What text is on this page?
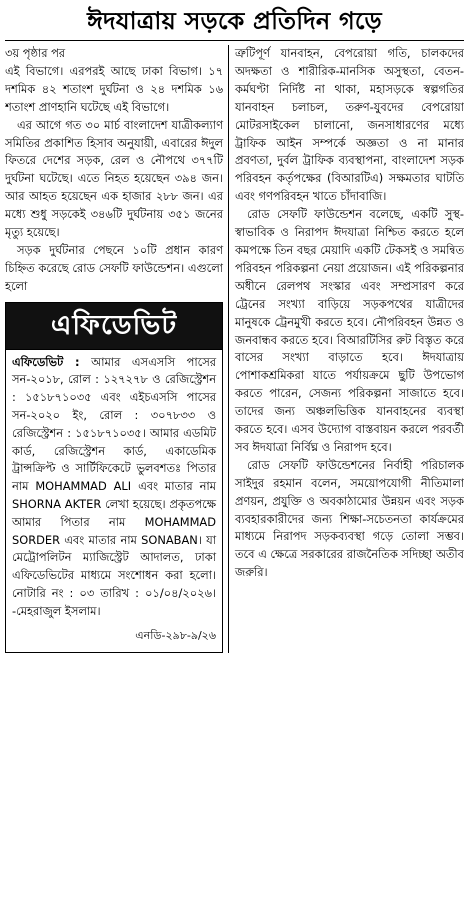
ঈদযাত্রায় সড়কে প্রতিদিন গড়ে

৩য় পৃষ্ঠার পর

এই বিভাগে। এরপরই আছে ঢাকা বিভাগ। ১৭ দশমিক ৪২ শতাংশ দুর্ঘটনা ও ২৪ দশমিক ১৬ শতাংশ প্রাণহানি ঘটেছে এই বিভাগে।

এর আগে গত ৩০ মার্চ বাংলাদেশ যাত্রীকল্যাণ সমিতির প্রকাশিত হিসাব অনুযায়ী, এবারের ঈদুল ফিতরে দেশের সড়ক, রেল ও নৌপথে ৩৭৭টি দুর্ঘটনা ঘটেছে। এতে নিহত হয়েছেন ৩৯৪ জন। আর আহত হয়েছেন এক হাজার ২৮৮ জন। এর মধ্যে শুধু সড়কেই ৩৪৬টি দুর্ঘটনায় ৩৫১ জনের মৃত্যু হয়েছে।

সড়ক দুর্ঘটনার পেছনে ১০টি প্রধান কারণ চিহ্নিত করেছে রোড সেফটি ফাউন্ডেশন। এগুলো হলো

এফিডেভিট

এফিডেভিট : আমার এসএসসি পাসের সন-২০১৮, রোল : ১২৭২৭৮ ও রেজিস্ট্রেশন : ১৫১৮৭১০৩৫ এবং এইচএসসি পাসের সন-২০২০ ইং, রোল : ৩০৭৮৩৩ ও রেজিস্ট্রেশন : ১৫১৮৭১০৩৫। আমার এডমিট কার্ড, রেজিস্ট্রেশন কার্ড, একাডেমিক ট্রান্সক্রিপ্ট ও সার্টিফিকেটে ভুলবশতঃ পিতার নাম MOHAMMAD ALI এবং মাতার নাম SHORNA AKTER লেখা হয়েছে। প্রকৃতপক্ষে আমার পিতার নাম MOHAMMAD SORDER এবং মাতার নাম SONABAN। যা মেট্রোপলিটন ম্যাজিস্ট্রেট আদালত, ঢাকা এফিডেভিটের মাধ্যমে সংশোধন করা হলো। নোটারি নং : ০৩ তারিখ : ০১/০৪/২০২৬। -মেহরাজুল ইসলাম।

এনডি-২৯৮-৯/২৬

ত্রুটিপূর্ণ যানবাহন, বেপরোয়া গতি, চালকদের অদক্ষতা ও শারীরিক-মানসিক অসুস্থতা, বেতন-কর্মঘণ্টা নির্দিষ্ট না থাকা, মহাসড়কে স্বল্পগতির যানবাহন চলাচল, তরুণ-যুবদের বেপরোয়া মোটরসাইকেল চালানো, জনসাধারণের মধ্যে ট্রাফিক আইন সম্পর্কে অজ্ঞতা ও না মানার প্রবণতা, দুর্বল ট্রাফিক ব্যবস্থাপনা, বাংলাদেশ সড়ক পরিবহন কর্তৃপক্ষের (বিআরটিএ) সক্ষমতার ঘাটতি এবং গণপরিবহন খাতে চাঁদাবাজি।

রোড সেফটি ফাউন্ডেশন বলেছে, একটি সুস্থ-স্বাভাবিক ও নিরাপদ ঈদযাত্রা নিশ্চিত করতে হলে কমপক্ষে তিন বছর মেয়াদি একটি টেকসই ও সমন্বিত পরিবহন পরিকল্পনা নেয়া প্রয়োজন। এই পরিকল্পনার অধীনে রেলপথ সংস্কার এবং সম্প্রসারণ করে ট্রেনের সংখ্যা বাড়িয়ে সড়কপথের যাত্রীদের মানুষকে ট্রেনমুখী করতে হবে। নৌপরিবহন উন্নত ও জনবান্ধব করতে হবে। বিআরটিসির রুট বিস্তৃত করে বাসের সংখ্যা বাড়াতে হবে। ঈদযাত্রায় পোশাকশ্রমিকরা যাতে পর্যায়ক্রমে ছুটি উপভোগ করতে পারেন, সেজন্য পরিকল্পনা সাজাতে হবে। তাদের জন্য অঞ্চলভিত্তিক যানবাহনের ব্যবস্থা করতে হবে। এসব উদ্যোগ বাস্তবায়ন করলে পরবর্তী সব ঈদযাত্রা নির্বিঘ্ন ও নিরাপদ হবে।

রোড সেফটি ফাউন্ডেশনের নির্বাহী পরিচালক সাইদুর রহমান বলেন, সময়োপযোগী নীতিমালা প্রণয়ন, প্রযুক্তি ও অবকাঠামোর উন্নয়ন এবং সড়ক ব্যবহারকারীদের জন্য শিক্ষা-সচেতনতা কার্যক্রমের মাধ্যমে নিরাপদ সড়কব্যবস্থা গড়ে তোলা সম্ভব। তবে এ ক্ষেত্রে সরকারের রাজনৈতিক সদিচ্ছা অতীব জরুরি।
